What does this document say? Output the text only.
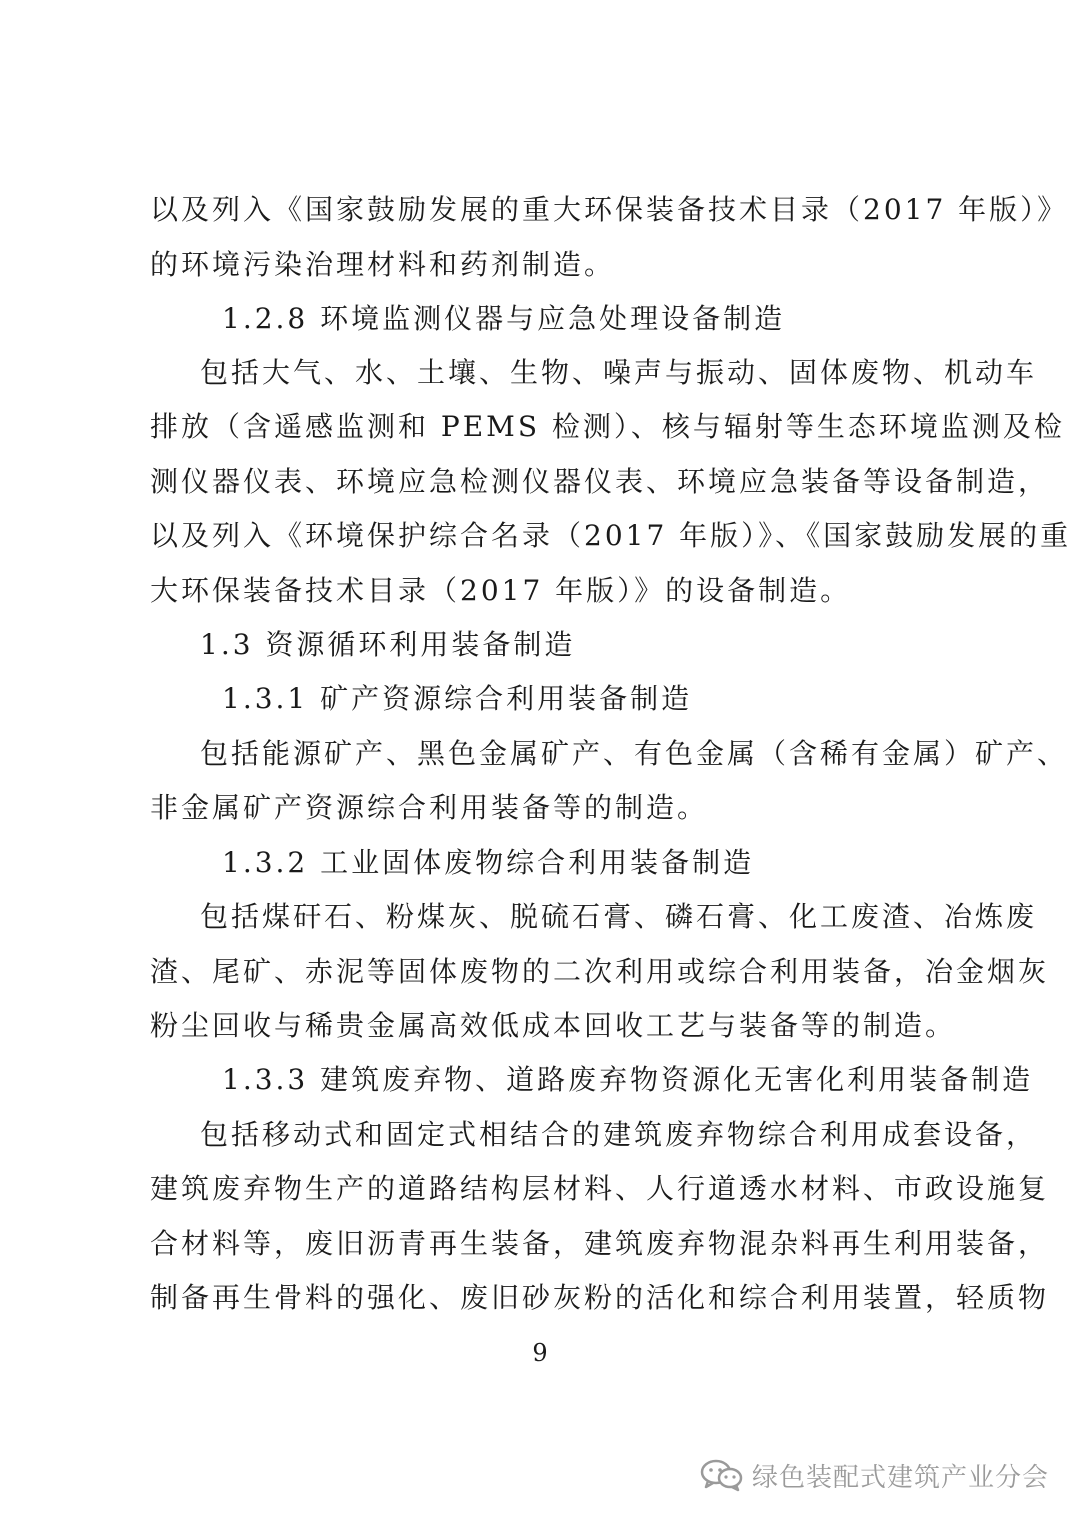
以及列入《国家鼓励发展的重大环保装备技术目录（2017 年版）》
的环境污染治理材料和药剂制造。
1.2.8 环境监测仪器与应急处理设备制造
包括大气、水、土壤、生物、噪声与振动、固体废物、机动车
排放（含遥感监测和 PEMS 检测）、核与辐射等生态环境监测及检
测仪器仪表、环境应急检测仪器仪表、环境应急装备等设备制造，
以及列入《环境保护综合名录（2017 年版）》、《国家鼓励发展的重
大环保装备技术目录（2017 年版）》的设备制造。
1.3 资源循环利用装备制造
1.3.1 矿产资源综合利用装备制造
包括能源矿产、黑色金属矿产、有色金属（含稀有金属）矿产、
非金属矿产资源综合利用装备等的制造。
1.3.2 工业固体废物综合利用装备制造
包括煤矸石、粉煤灰、脱硫石膏、磷石膏、化工废渣、冶炼废
渣、尾矿、赤泥等固体废物的二次利用或综合利用装备，冶金烟灰
粉尘回收与稀贵金属高效低成本回收工艺与装备等的制造。
1.3.3 建筑废弃物、道路废弃物资源化无害化利用装备制造
包括移动式和固定式相结合的建筑废弃物综合利用成套设备，
建筑废弃物生产的道路结构层材料、人行道透水材料、市政设施复
合材料等，废旧沥青再生装备，建筑废弃物混杂料再生利用装备，
制备再生骨料的强化、废旧砂灰粉的活化和综合利用装置，轻质物
9
绿色装配式建筑产业分会
